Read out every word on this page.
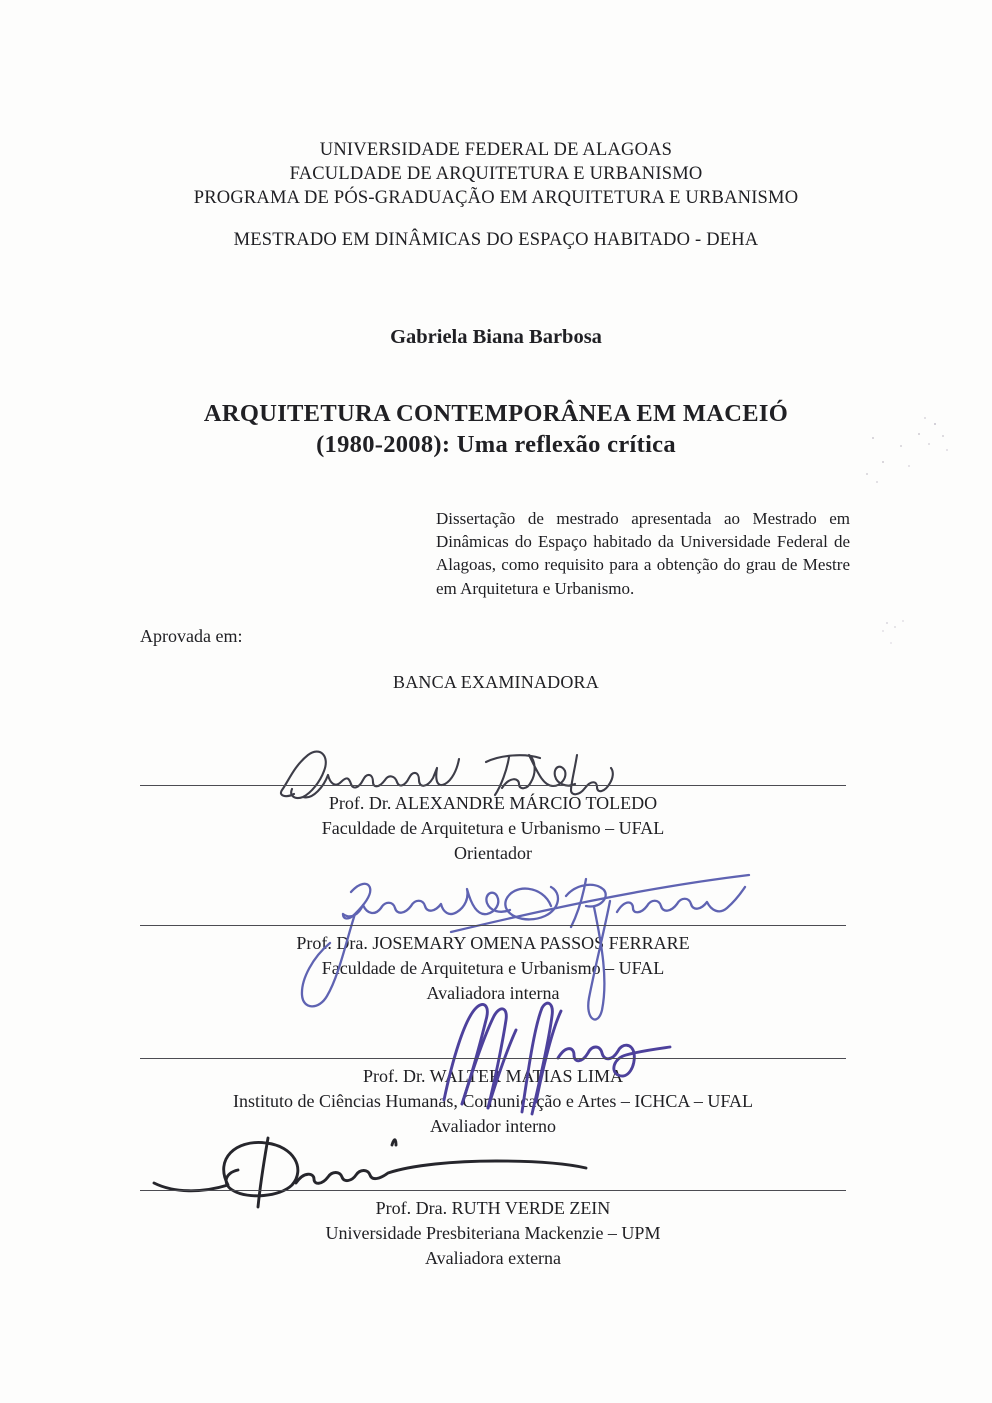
UNIVERSIDADE FEDERAL DE ALAGOAS
FACULDADE DE ARQUITETURA E URBANISMO
PROGRAMA DE PÓS-GRADUAÇÃO EM ARQUITETURA E URBANISMO
MESTRADO EM DINÂMICAS DO ESPAÇO HABITADO - DEHA
Gabriela Biana Barbosa
ARQUITETURA CONTEMPORÂNEA EM MACEIÓ
(1980-2008): Uma reflexão crítica
Dissertação de mestrado apresentada ao Mestrado em Dinâmicas do Espaço habitado da Universidade Federal de Alagoas, como requisito para a obtenção do grau de Mestre em Arquitetura e Urbanismo.
Aprovada em:
BANCA EXAMINADORA
Prof. Dr. ALEXANDRE MÁRCIO TOLEDO
Faculdade de Arquitetura e Urbanismo – UFAL
Orientador
Prof. Dra. JOSEMARY OMENA PASSOS FERRARE
Faculdade de Arquitetura e Urbanismo – UFAL
Avaliadora interna
Prof. Dr. WALTER MATIAS LIMA
Instituto de Ciências Humanas, Comunicação e Artes – ICHCA – UFAL
Avaliador interno
Prof. Dra. RUTH VERDE ZEIN
Universidade Presbiteriana Mackenzie – UPM
Avaliadora externa
